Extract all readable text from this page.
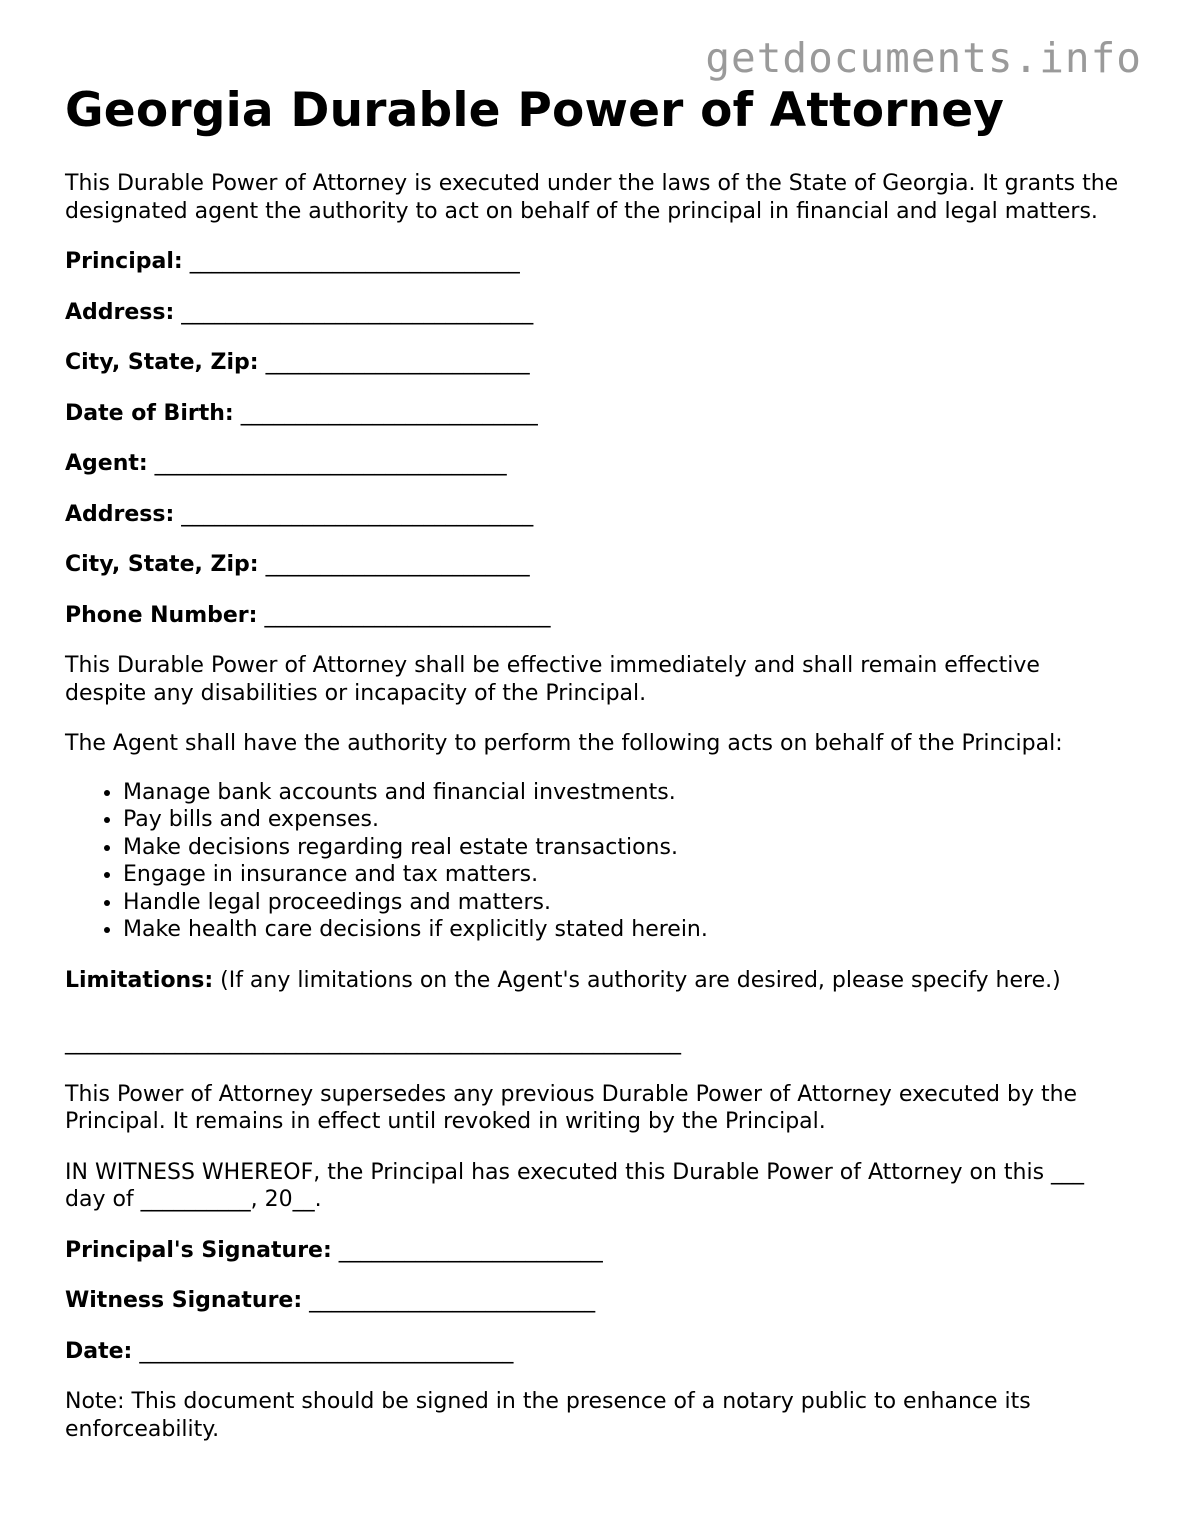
getdocuments.info
Georgia Durable Power of Attorney

This Durable Power of Attorney is executed under the laws of the State of Georgia. It grants the designated agent the authority to act on behalf of the principal in financial and legal matters.

Principal: ______________________________
Address: ________________________________
City, State, Zip: ________________________
Date of Birth: ___________________________
Agent: ________________________________
Address: ________________________________
City, State, Zip: ________________________
Phone Number: __________________________

This Durable Power of Attorney shall be effective immediately and shall remain effective despite any disabilities or incapacity of the Principal.

The Agent shall have the authority to perform the following acts on behalf of the Principal:

• Manage bank accounts and financial investments.
• Pay bills and expenses.
• Make decisions regarding real estate transactions.
• Engage in insurance and tax matters.
• Handle legal proceedings and matters.
• Make health care decisions if explicitly stated herein.
Limitations: (If any limitations on the Agent's authority are desired, please specify here.)
________________________________________________________

This Power of Attorney supersedes any previous Durable Power of Attorney executed by the Principal. It remains in effect until revoked in writing by the Principal.

IN WITNESS WHEREOF, the Principal has executed this Durable Power of Attorney on this ___ day of __________, 20__.

Principal's Signature: ________________________
Witness Signature: __________________________
Date: __________________________________

Note: This document should be signed in the presence of a notary public to enhance its enforceability.
